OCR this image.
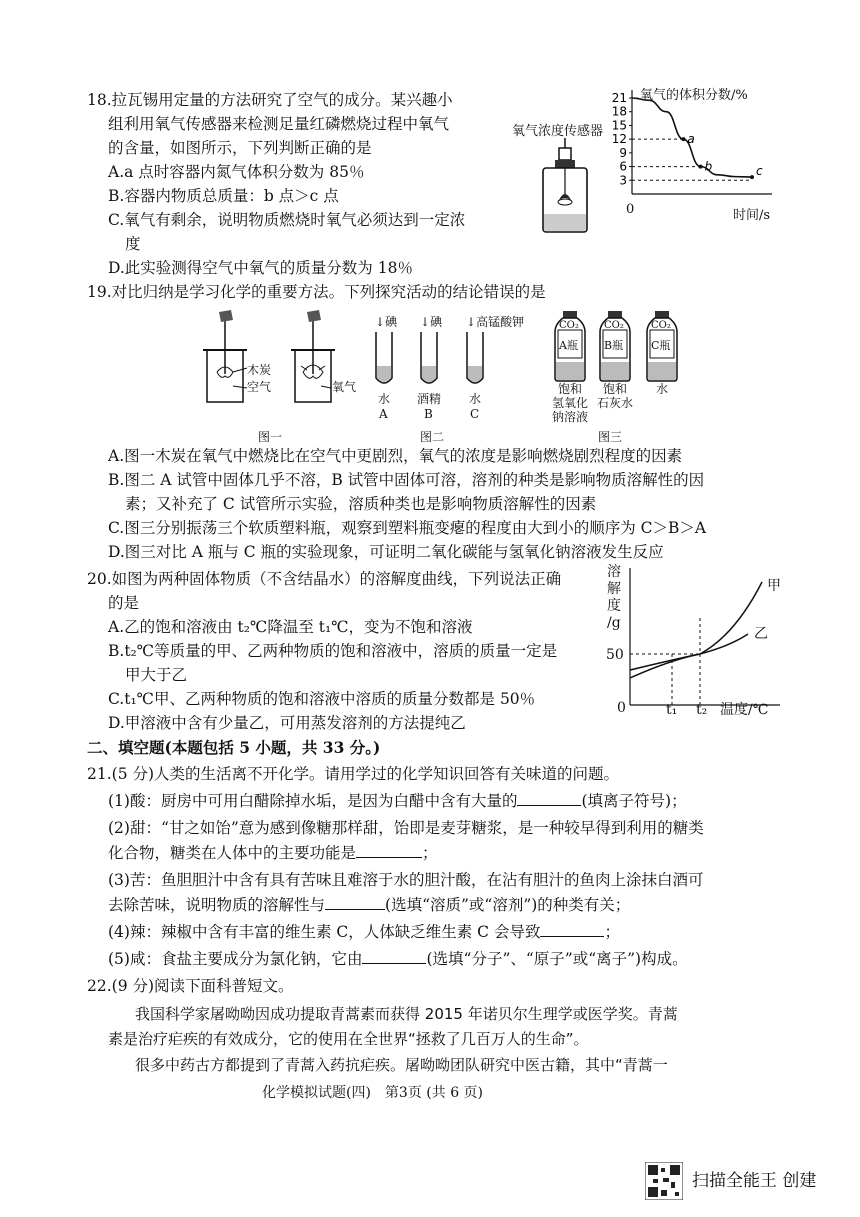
18.拉瓦锡用定量的方法研究了空气的成分。某兴趣小
组利用氧气传感器来检测足量红磷燃烧过程中氧气
的含量，如图所示，下列判断正确的是
A.a 点时容器内氮气体积分数为 85％
B.容器内物质总质量：b 点＞c 点
C.氧气有剩余，说明物质燃烧时氧气必须达到一定浓
度
D.此实验测得空气中氧气的质量分数为 18％
氧气浓度传感器
21
18
15
12
9
6
3
a
b	c
氧气的体积分数/%
时间/s
0
19.对比归纳是学习化学的重要方法。下列探究活动的结论错误的是
木炭
空气	氧气
图一
↓碘
水
A
↓碘
酒精
B
↓高锰酸钾
水
C
图二
CO₂
A瓶
饱和
氢氧化
钠溶液
CO₂
B瓶
饱和
石灰水
CO₂
C瓶
水
图三
A.图一木炭在氧气中燃烧比在空气中更剧烈，氧气的浓度是影响燃烧剧烈程度的因素
B.图二 A 试管中固体几乎不溶，B 试管中固体可溶，溶剂的种类是影响物质溶解性的因
素；又补充了 C 试管所示实验，溶质种类也是影响物质溶解性的因素
C.图三分别振荡三个软质塑料瓶，观察到塑料瓶变瘪的程度由大到小的顺序为 C＞B＞A
D.图三对比 A 瓶与 C 瓶的实验现象，可证明二氧化碳能与氢氧化钠溶液发生反应
20.如图为两种固体物质（不含结晶水）的溶解度曲线，下列说法正确
的是
A.乙的饱和溶液由 t₂℃降温至 t₁℃，变为不饱和溶液
B.t₂℃等质量的甲、乙两种物质的饱和溶液中，溶质的质量一定是
甲大于乙
C.t₁℃甲、乙两种物质的饱和溶液中溶质的质量分数都是 50％
D.甲溶液中含有少量乙，可用蒸发溶剂的方法提纯乙
溶
解
度
/g
50
0	t₁ t₂ 温度/℃
甲
乙
二、填空题(本题包括 5 小题，共 33 分。)
21.(5 分)人类的生活离不开化学。请用学过的化学知识回答有关味道的问题。
(1)酸：厨房中可用白醋除掉水垢，是因为白醋中含有大量的	(填离子符号)；
(2)甜：“甘之如饴”意为感到像糖那样甜，饴即是麦芽糖浆，是一种较早得到利用的糖类
化合物，糖类在人体中的主要功能是	；
(3)苦：鱼胆胆汁中含有具有苦味且难溶于水的胆汁酸，在沾有胆汁的鱼肉上涂抹白酒可
去除苦味，说明物质的溶解性与	(选填“溶质”或“溶剂”)的种类有关；
(4)辣：辣椒中含有丰富的维生素 C，人体缺乏维生素 C 会导致	；
(5)咸：食盐主要成分为氯化钠，它由	(选填“分子”、“原子”或“离子”)构成。
22.(9 分)阅读下面科普短文。
我国科学家屠呦呦因成功提取青蒿素而获得 2015 年诺贝尔生理学或医学奖。青蒿
素是治疗疟疾的有效成分，它的使用在全世界“拯救了几百万人的生命”。
很多中药古方都提到了青蒿入药抗疟疾。屠呦呦团队研究中医古籍，其中“青蒿一
化学模拟试题(四)　第3页 (共 6 页)
扫描全能王 创建
